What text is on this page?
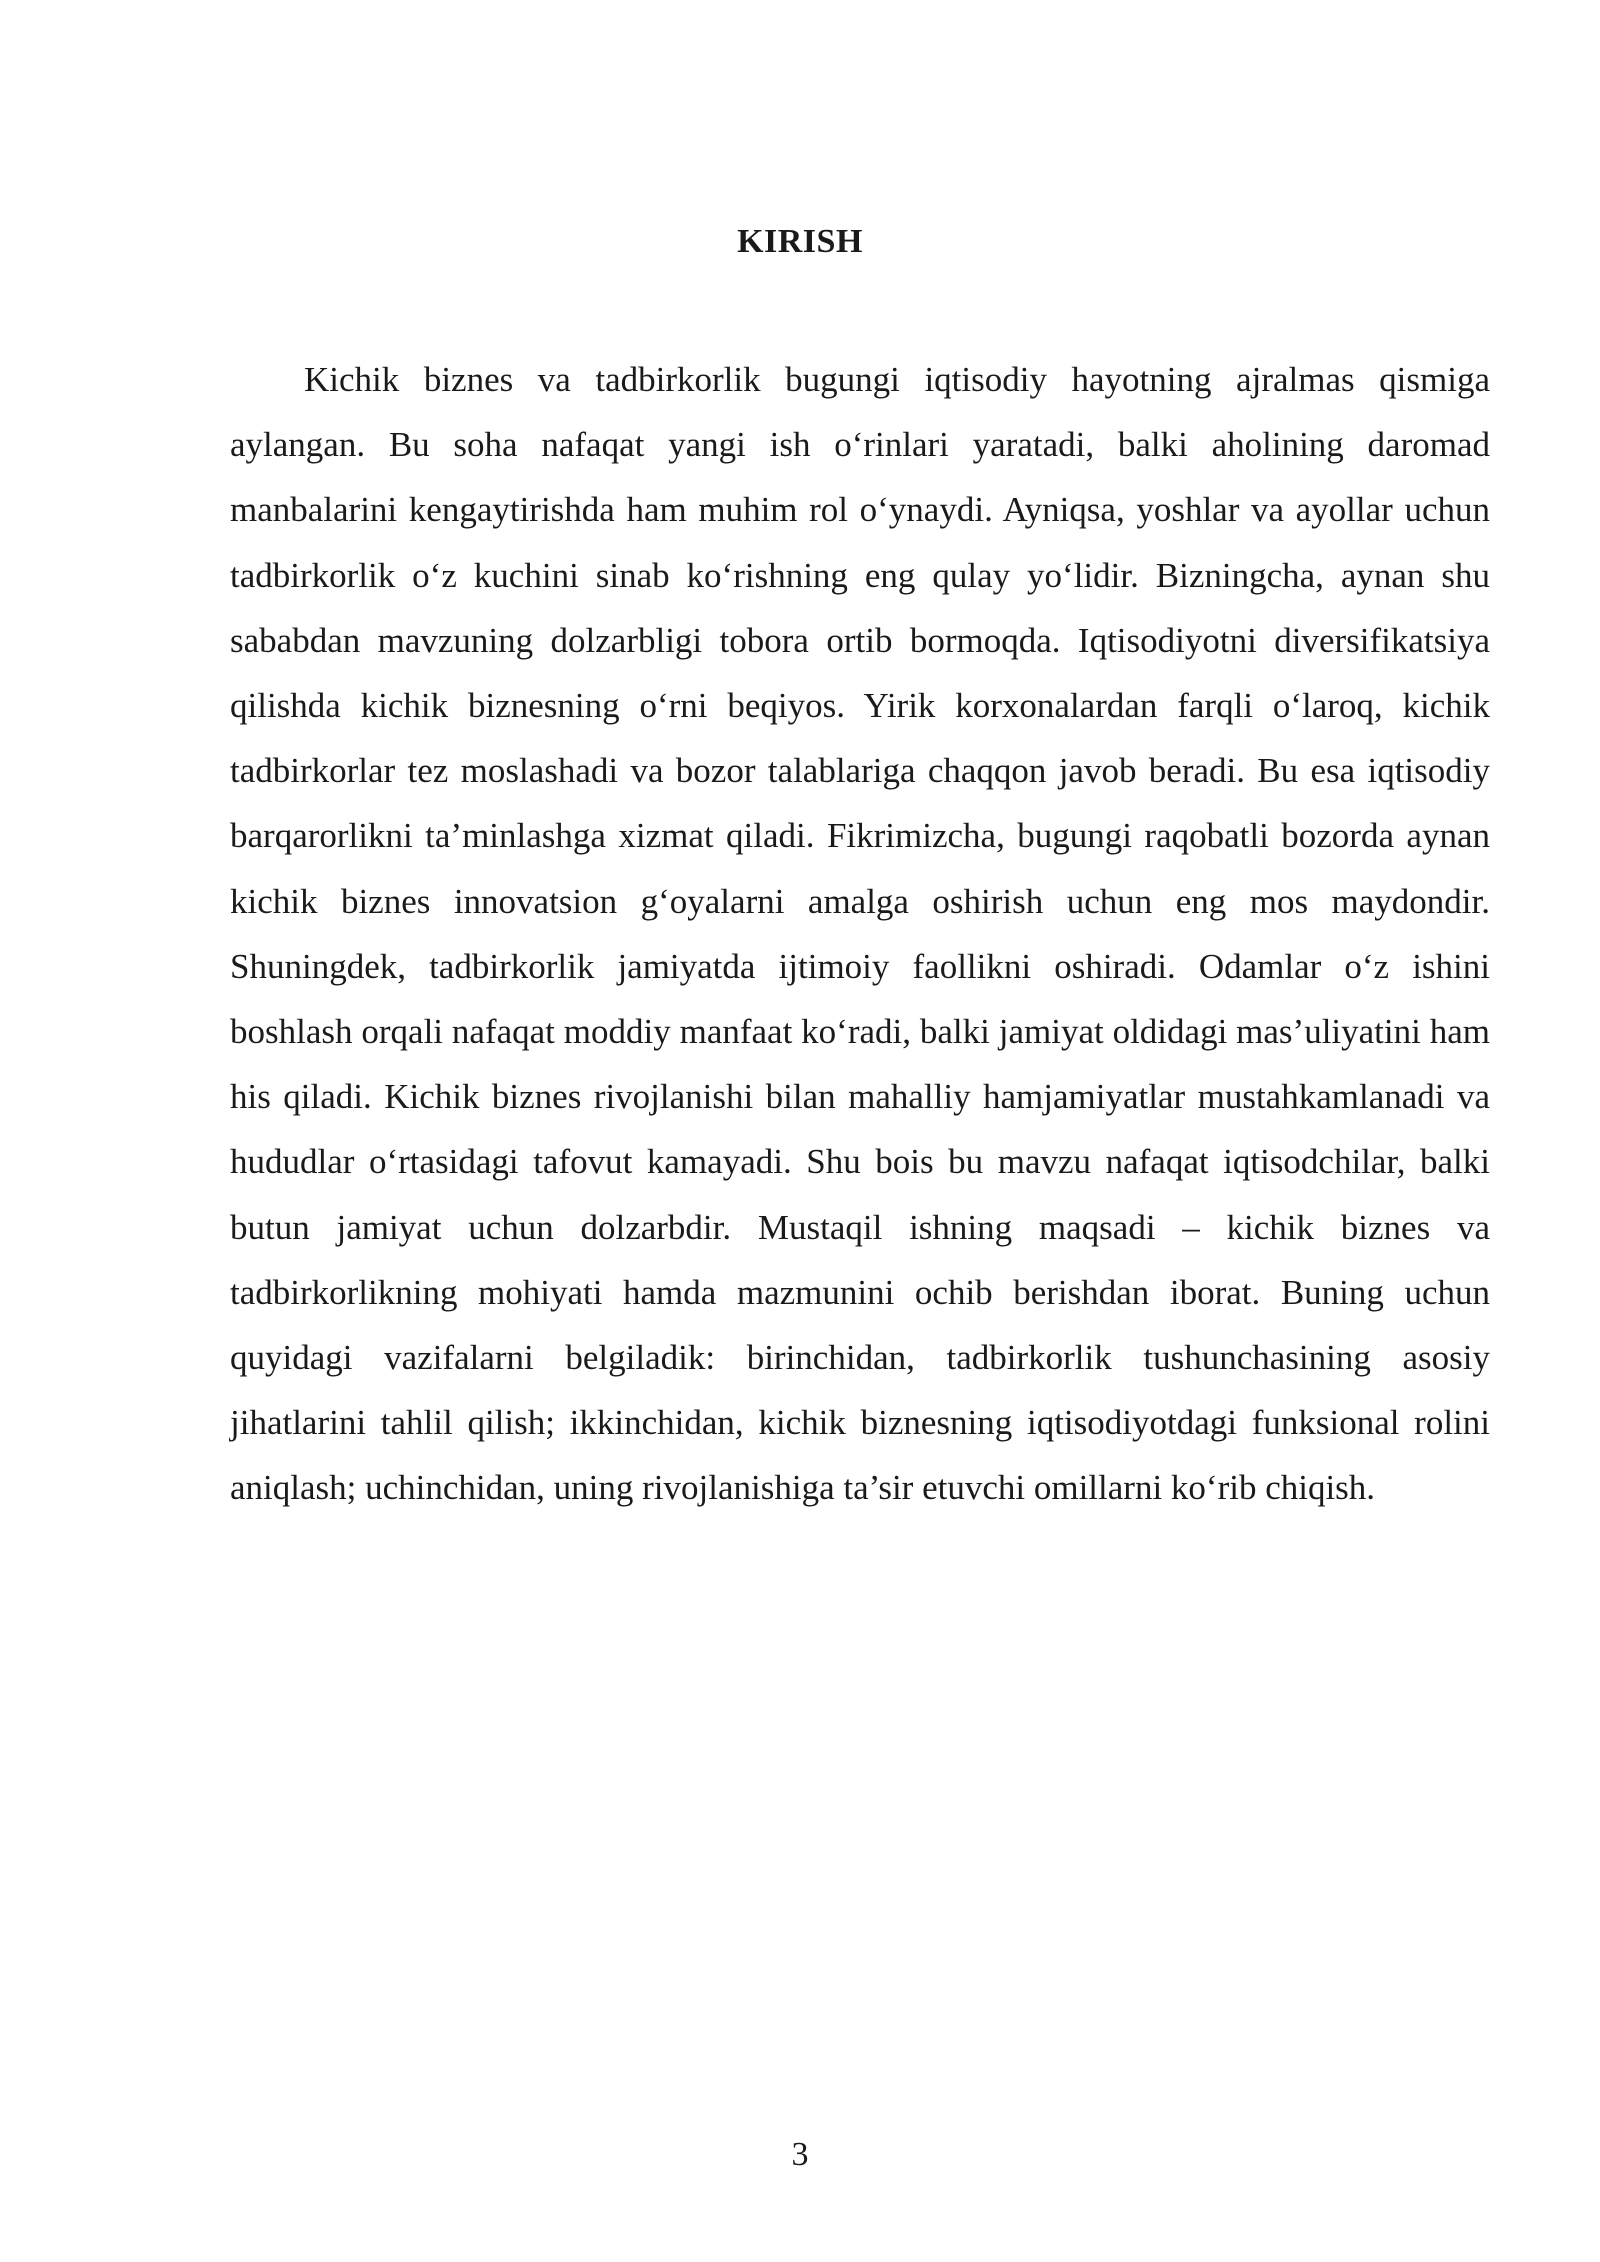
KIRISH

Kichik biznes va tadbirkorlik bugungi iqtisodiy hayotning ajralmas qismiga aylangan. Bu soha nafaqat yangi ish o‘rinlari yaratadi, balki aholining daromad manbalarini kengaytirishda ham muhim rol o‘ynaydi. Ayniqsa, yoshlar va ayollar uchun tadbirkorlik o‘z kuchini sinab ko‘rishning eng qulay yo‘lidir. Bizningcha, aynan shu sababdan mavzuning dolzarbligi tobora ortib bormoqda. Iqtisodiyotni diversifikatsiya qilishda kichik biznesning o‘rni beqiyos. Yirik korxonalardan farqli o‘laroq, kichik tadbirkorlar tez moslashadi va bozor talablariga chaqqon javob beradi. Bu esa iqtisodiy barqarorlikni ta’minlashga xizmat qiladi. Fikrimizcha, bugungi raqobatli bozorda aynan kichik biznes innovatsion g‘oyalarni amalga oshirish uchun eng mos maydondir. Shuningdek, tadbirkorlik jamiyatda ijtimoiy faollikni oshiradi. Odamlar o‘z ishini boshlash orqali nafaqat moddiy manfaat ko‘radi, balki jamiyat oldidagi mas’uliyatini ham his qiladi. Kichik biznes rivojlanishi bilan mahalliy hamjamiyatlar mustahkamlanadi va hududlar o‘rtasidagi tafovut kamayadi. Shu bois bu mavzu nafaqat iqtisodchilar, balki butun jamiyat uchun dolzarbdir. Mustaqil ishning maqsadi – kichik biznes va tadbirkorlikning mohiyati hamda mazmunini ochib berishdan iborat. Buning uchun quyidagi vazifalarni belgiladik: birinchidan, tadbirkorlik tushunchasining asosiy jihatlarini tahlil qilish; ikkinchidan, kichik biznesning iqtisodiyotdagi funksional rolini aniqlash; uchinchidan, uning rivojlanishiga ta’sir etuvchi omillarni ko‘rib chiqish.

3
